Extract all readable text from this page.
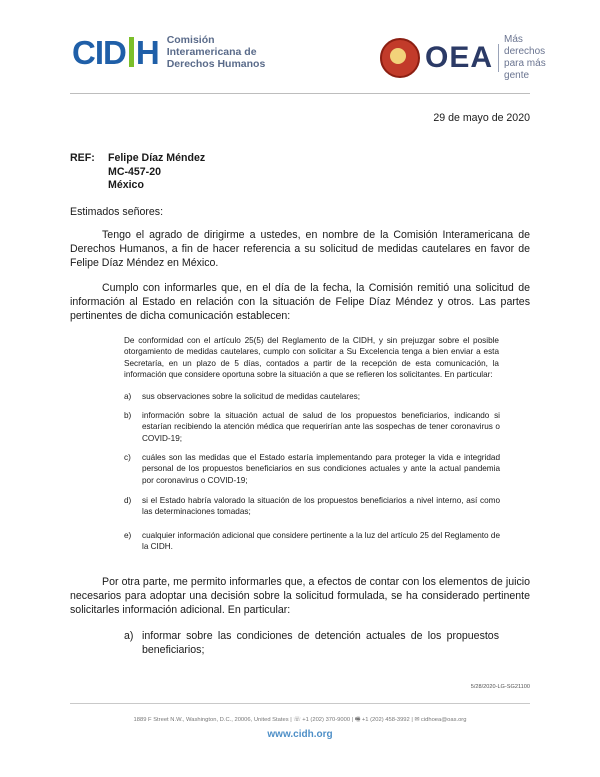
CID H Comisión
Interamericana de
Derechos Humanos	OEA
Más derechos
para más gente
29 de mayo de 2020
REF:	Felipe Díaz Méndez
MC-457-20
México
Estimados señores:
Tengo el agrado de dirigirme a ustedes, en nombre de la Comisión Interamericana de Derechos Humanos, a fin de hacer referencia a su solicitud de medidas cautelares en favor de Felipe Díaz Méndez en México.
Cumplo con informarles que, en el día de la fecha, la Comisión remitió una solicitud de información al Estado en relación con la situación de Felipe Díaz Méndez y otros. Las partes pertinentes de dicha comunicación establecen:
De conformidad con el artículo 25(5) del Reglamento de la CIDH, y sin prejuzgar sobre el posible otorgamiento de medidas cautelares, cumplo con solicitar a Su Excelencia tenga a bien enviar a esta Secretaría, en un plazo de 5 días, contados a partir de la recepción de esta comunicación, la información que considere oportuna sobre la situación a que se refieren los solicitantes. En particular:
a)	sus observaciones sobre la solicitud de medidas cautelares;
b)	información sobre la situación actual de salud de los propuestos beneficiarios, indicando si estarían recibiendo la atención médica que requerirían ante las sospechas de tener coronavirus o COVID-19;
c)	cuáles son las medidas que el Estado estaría implementando para proteger la vida e integridad personal de los propuestos beneficiarios en sus condiciones actuales y ante la actual pandemia por coronavirus o COVID-19;
d)	si el Estado habría valorado la situación de los propuestos beneficiarios a nivel interno, así como las determinaciones tomadas;
e)	cualquier información adicional que considere pertinente a la luz del artículo 25 del Reglamento de la CIDH.
Por otra parte, me permito informarles que, a efectos de contar con los elementos de juicio necesarios para adoptar una decisión sobre la solicitud formulada, se ha considerado pertinente solicitarles información adicional. En particular:
a) informar sobre las condiciones de detención actuales de los propuestos beneficiarios;
5/28/2020-LG-SG21100
1889 F Street N.W., Washington, D.C., 20006, United States | ☏ +1 (202) 370-9000 | 🖷 +1 (202) 458-3992 | ✉ cidhoea@oas.org
www.cidh.org
